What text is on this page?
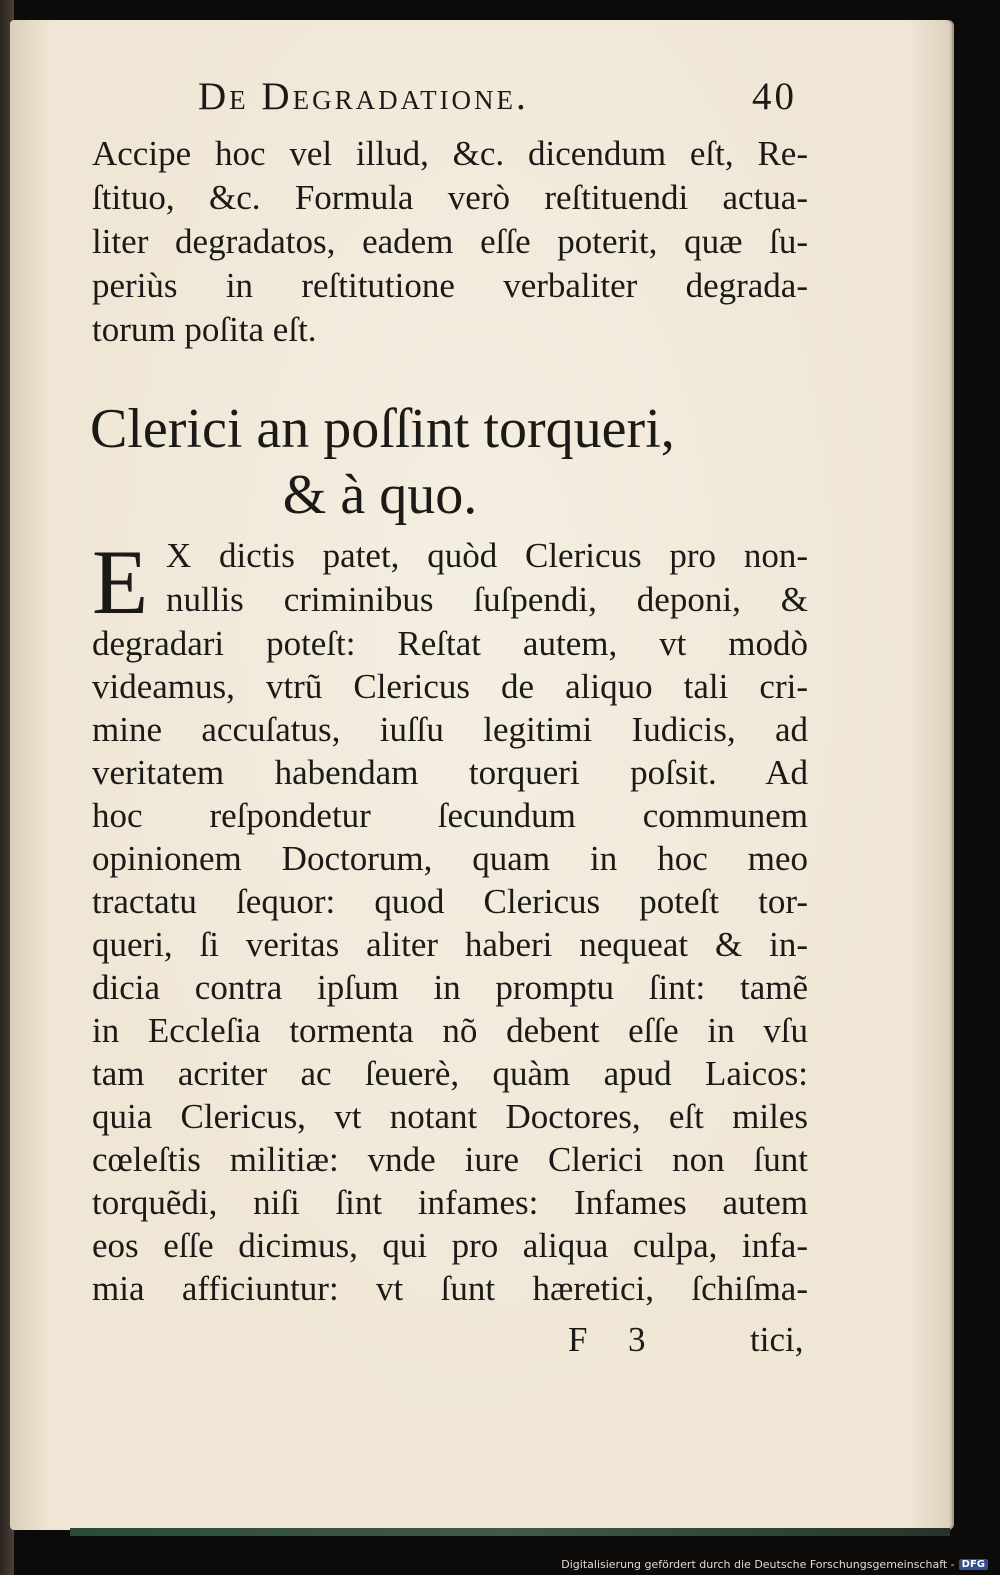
De Degradatione.	40
Accipe hoc vel illud, &c. dicendum eſt, Re-
ſtituo, &c. Formula verò reſtituendi actua-
liter degradatos, eadem eſſe poterit, quæ ſu-
periùs in reſtitutione verbaliter degrada-
torum poſita eſt.
Clerici an poſſint torqueri,
& à quo.
E X dictis patet, quòd Clericus pro non-
nullis criminibus ſuſpendi, deponi, &
degradari poteſt: Reſtat autem, vt modò
videamus, vtrũ Clericus de aliquo tali cri-
mine accuſatus, iuſſu legitimi Iudicis, ad
veritatem habendam torqueri poſsit. Ad
hoc reſpondetur ſecundum communem
opinionem Doctorum, quam in hoc meo
tractatu ſequor: quod Clericus poteſt tor-
queri, ſi veritas aliter haberi nequeat & in-
dicia contra ipſum in promptu ſint: tamẽ
in Eccleſia tormenta nõ debent eſſe in vſu
tam acriter ac ſeuerè, quàm apud Laicos:
quia Clericus, vt notant Doctores, eſt miles
cœleſtis militiæ: vnde iure Clerici non ſunt
torquẽdi, niſi ſint infames: Infames autem
eos eſſe dicimus, qui pro aliqua culpa, infa-
mia afficiuntur: vt ſunt hæretici, ſchiſma-
F 3	tici,
Digitalisierung gefördert durch die Deutsche Forschungsgemeinschaft - DFG
